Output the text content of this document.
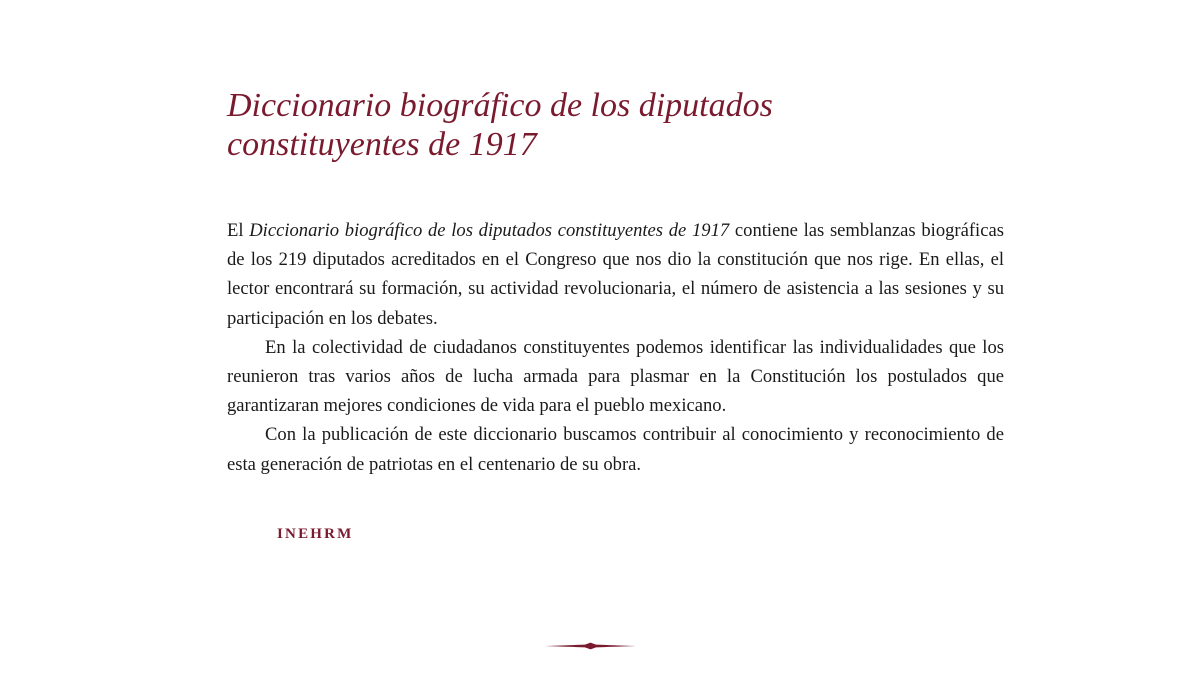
Diccionario biográfico de los diputados
constituyentes de 1917

El Diccionario biográfico de los diputados constituyentes de 1917 contiene las semblanzas biográficas de los 219 diputados acreditados en el Congreso que nos dio la constitución que nos rige. En ellas, el lector encontrará su formación, su actividad revolucionaria, el número de asistencia a las sesiones y su participación en los debates.

En la colectividad de ciudadanos constituyentes podemos identificar las individualidades que los reunieron tras varios años de lucha armada para plasmar en la Constitución los postulados que garantizaran mejores condiciones de vida para el pueblo mexicano.

Con la publicación de este diccionario buscamos contribuir al conocimiento y reconocimiento de esta generación de patriotas en el centenario de su obra.

INEHRM
